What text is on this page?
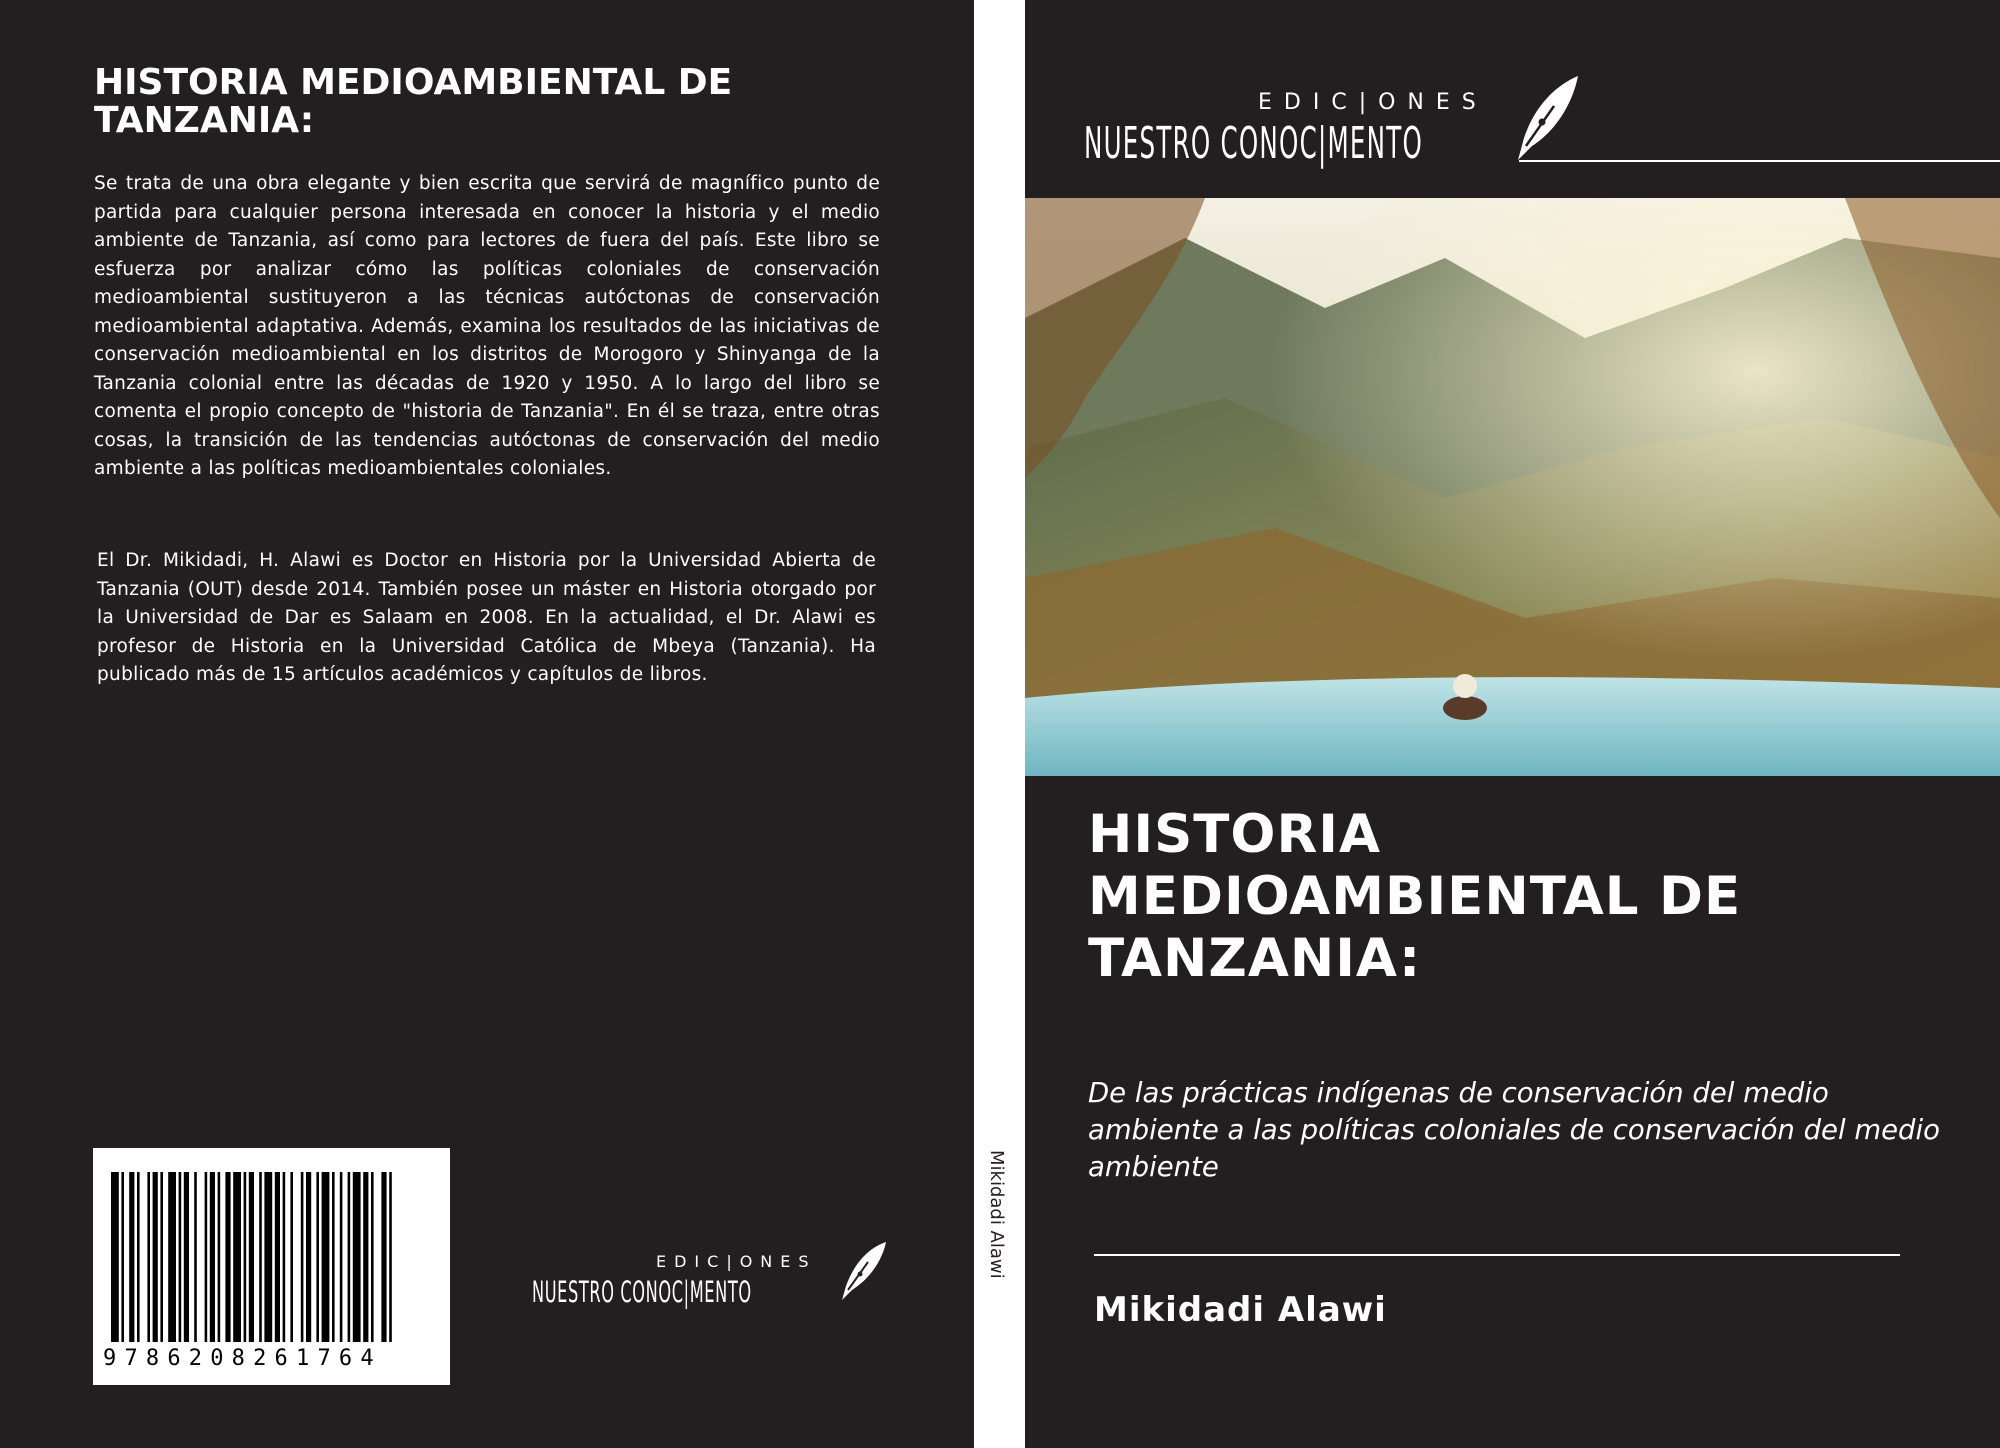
HISTORIA MEDIOAMBIENTAL DE TANZANIA:
Se trata de una obra elegante y bien escrita que servirá de magnífico punto de partida para cualquier persona interesada en conocer la historia y el medio ambiente de Tanzania, así como para lectores de fuera del país. Este libro se esfuerza por analizar cómo las políticas coloniales de conservación medioambiental sustituyeron a las técnicas autóctonas de conservación medioambiental adaptativa. Además, examina los resultados de las iniciativas de conservación medioambiental en los distritos de Morogoro y Shinyanga de la Tanzania colonial entre las décadas de 1920 y 1950. A lo largo del libro se comenta el propio concepto de "historia de Tanzania". En él se traza, entre otras cosas, la transición de las tendencias autóctonas de conservación del medio ambiente a las políticas medioambientales coloniales.
El Dr. Mikidadi, H. Alawi es Doctor en Historia por la Universidad Abierta de Tanzania (OUT) desde 2014. También posee un máster en Historia otorgado por la Universidad de Dar es Salaam en 2008. En la actualidad, el Dr. Alawi es profesor de Historia en la Universidad Católica de Mbeya (Tanzania). Ha publicado más de 15 artículos académicos y capítulos de libros.
9786208261764
EDIC|ONES
NUESTRO CONOC|MENTO
Mikidadi Alawi
EDIC|ONES
NUESTRO CONOC|MENTO
HISTORIA MEDIOAMBIENTAL DE TANZANIA:
De las prácticas indígenas de conservación del medio ambiente a las políticas coloniales de conservación del medio ambiente
Mikidadi Alawi
